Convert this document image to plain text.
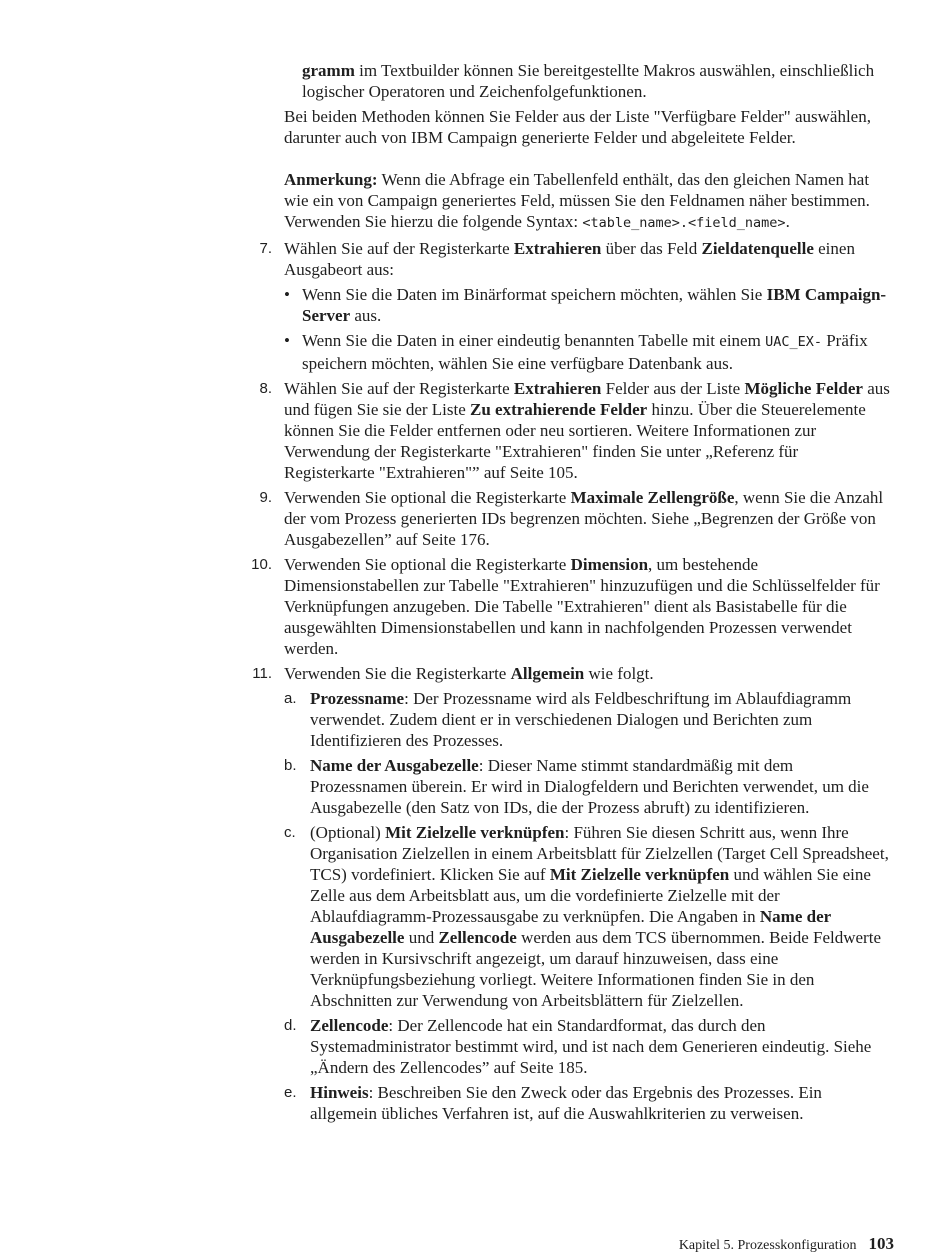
gramm im Textbuilder können Sie bereitgestellte Makros auswählen, einschließlich logischer Operatoren und Zeichenfolgefunktionen.

Bei beiden Methoden können Sie Felder aus der Liste "Verfügbare Felder" auswählen, darunter auch von IBM Campaign generierte Felder und abgeleitete Felder.

Anmerkung: Wenn die Abfrage ein Tabellenfeld enthält, das den gleichen Namen hat wie ein von Campaign generiertes Feld, müssen Sie den Feldnamen näher bestimmen. Verwenden Sie hierzu die folgende Syntax: <table_name>.<field_name>.

7. Wählen Sie auf der Registerkarte Extrahieren über das Feld Zieldatenquelle einen Ausgabeort aus:

• Wenn Sie die Daten im Binärformat speichern möchten, wählen Sie IBM Campaign-Server aus.
• Wenn Sie die Daten in einer eindeutig benannten Tabelle mit einem UAC_EX- Präfix speichern möchten, wählen Sie eine verfügbare Datenbank aus.
8. Wählen Sie auf der Registerkarte Extrahieren Felder aus der Liste Mögliche Felder aus und fügen Sie sie der Liste Zu extrahierende Felder hinzu. Über die Steuerelemente können Sie die Felder entfernen oder neu sortieren. Weitere Informationen zur Verwendung der Registerkarte "Extrahieren" finden Sie unter „Referenz für Registerkarte "Extrahieren"” auf Seite 105.

9. Verwenden Sie optional die Registerkarte Maximale Zellengröße, wenn Sie die Anzahl der vom Prozess generierten IDs begrenzen möchten. Siehe „Begrenzen der Größe von Ausgabezellen” auf Seite 176.

10. Verwenden Sie optional die Registerkarte Dimension, um bestehende Dimensionstabellen zur Tabelle "Extrahieren" hinzuzufügen und die Schlüsselfelder für Verknüpfungen anzugeben. Die Tabelle "Extrahieren" dient als Basistabelle für die ausgewählten Dimensionstabellen und kann in nachfolgenden Prozessen verwendet werden.

11. Verwenden Sie die Registerkarte Allgemein wie folgt.

a. Prozessname: Der Prozessname wird als Feldbeschriftung im Ablaufdiagramm verwendet. Zudem dient er in verschiedenen Dialogen und Berichten zum Identifizieren des Prozesses.
b. Name der Ausgabezelle: Dieser Name stimmt standardmäßig mit dem Prozessnamen überein. Er wird in Dialogfeldern und Berichten verwendet, um die Ausgabezelle (den Satz von IDs, die der Prozess abruft) zu identifizieren.
c. (Optional) Mit Zielzelle verknüpfen: Führen Sie diesen Schritt aus, wenn Ihre Organisation Zielzellen in einem Arbeitsblatt für Zielzellen (Target Cell Spreadsheet, TCS) vordefiniert. Klicken Sie auf Mit Zielzelle verknüpfen und wählen Sie eine Zelle aus dem Arbeitsblatt aus, um die vordefinierte Zielzelle mit der Ablaufdiagramm-Prozessausgabe zu verknüpfen. Die Angaben in Name der Ausgabezelle und Zellencode werden aus dem TCS übernommen. Beide Feldwerte werden in Kursivschrift angezeigt, um darauf hinzuweisen, dass eine Verknüpfungsbeziehung vorliegt. Weitere Informationen finden Sie in den Abschnitten zur Verwendung von Arbeitsblättern für Zielzellen.
d. Zellencode: Der Zellencode hat ein Standardformat, das durch den Systemadministrator bestimmt wird, und ist nach dem Generieren eindeutig. Siehe „Ändern des Zellencodes” auf Seite 185.
e. Hinweis: Beschreiben Sie den Zweck oder das Ergebnis des Prozesses. Ein allgemein übliches Verfahren ist, auf die Auswahlkriterien zu verweisen.
Kapitel 5. Prozesskonfiguration 103
